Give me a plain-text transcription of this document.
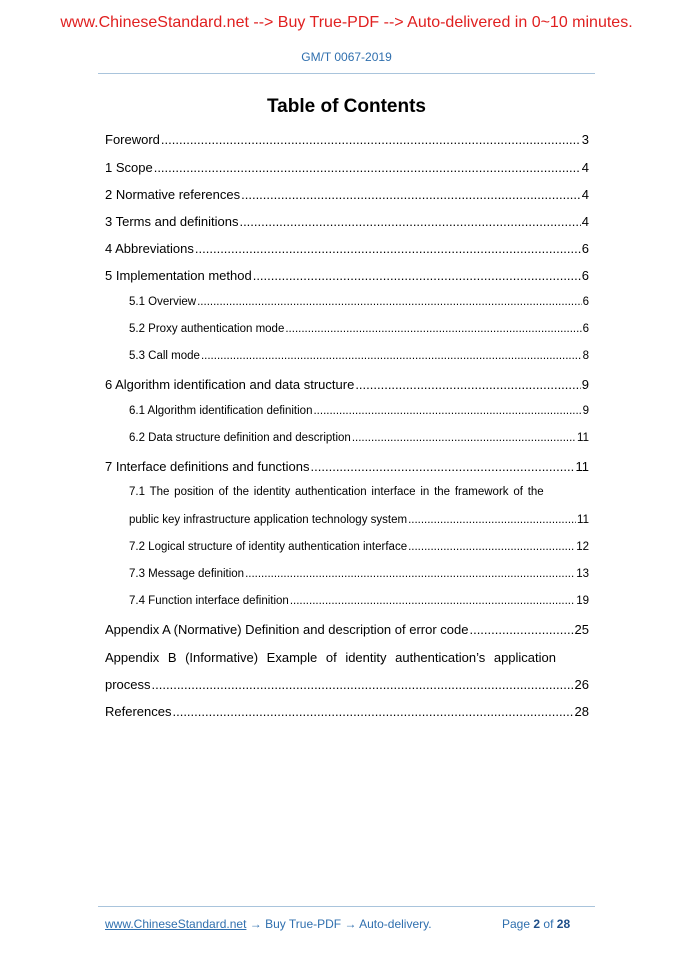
www.ChineseStandard.net --> Buy True-PDF --> Auto-delivered in 0~10 minutes.
GM/T 0067-2019
Table of Contents
Foreword .....	3
1 Scope .....	4
2 Normative references .....	4
3 Terms and definitions .....	4
4 Abbreviations .....	6
5 Implementation method .....	6
5.1 Overview .....	6
5.2 Proxy authentication mode .....	6
5.3 Call mode .....	8
6 Algorithm identification and data structure .....	9
6.1 Algorithm identification definition .....	9
6.2 Data structure definition and description .....	11
7 Interface definitions and functions .....	11
7.1 The position of the identity authentication interface in the framework of the
public key infrastructure application technology system .....	11
7.2 Logical structure of identity authentication interface .....	12
7.3 Message definition .....	13
7.4 Function interface definition .....	19
Appendix A (Normative) Definition and description of error code .....	25
Appendix B (Informative) Example of identity authentication’s application
process .....	26
References .....	28
www.ChineseStandard.net → Buy True-PDF → Auto-delivery.	Page 2 of 28
